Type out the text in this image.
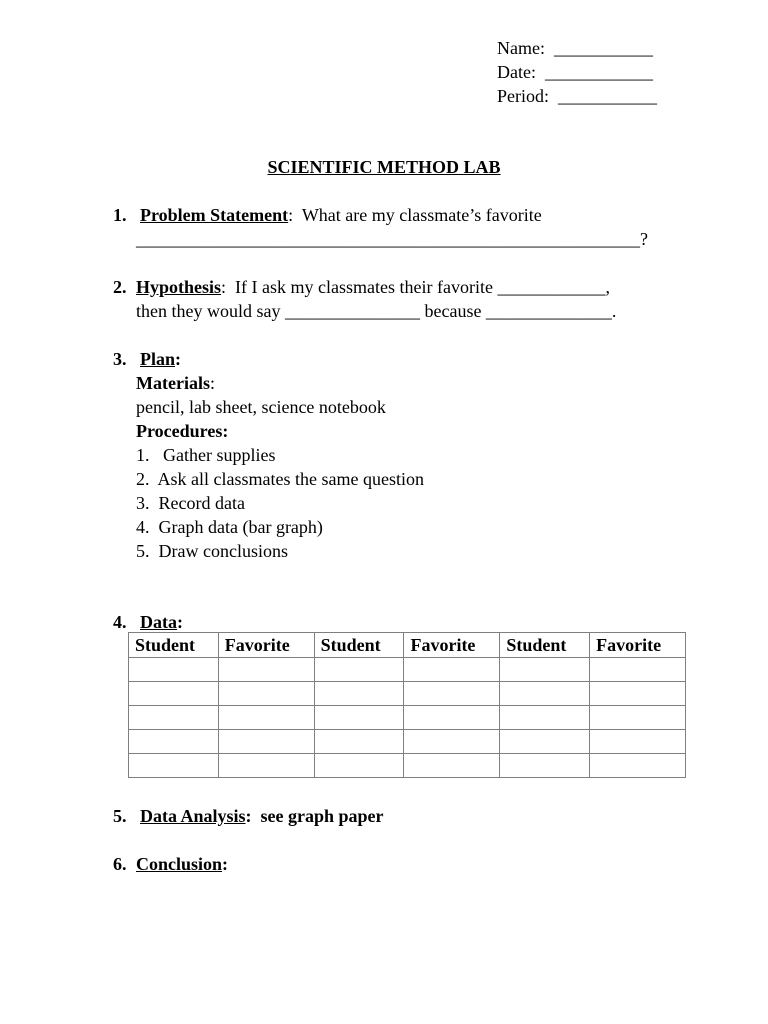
Name: ___________
Date: ____________
Period: ___________
SCIENTIFIC METHOD LAB
1. Problem Statement:  What are my classmate’s favorite
________________________________________________________?
2. Hypothesis:  If I ask my classmates their favorite ____________,
then they would say _______________ because ______________.
3. Plan:
Materials:
pencil, lab sheet, science notebook
Procedures:
1.   Gather supplies
2.  Ask all classmates the same question
3.  Record data
4.  Graph data (bar graph)
5.  Draw conclusions
4. Data:
Student	Favorite	Student	Favorite	Student	Favorite

5. Data Analysis:  see graph paper
6. Conclusion:
